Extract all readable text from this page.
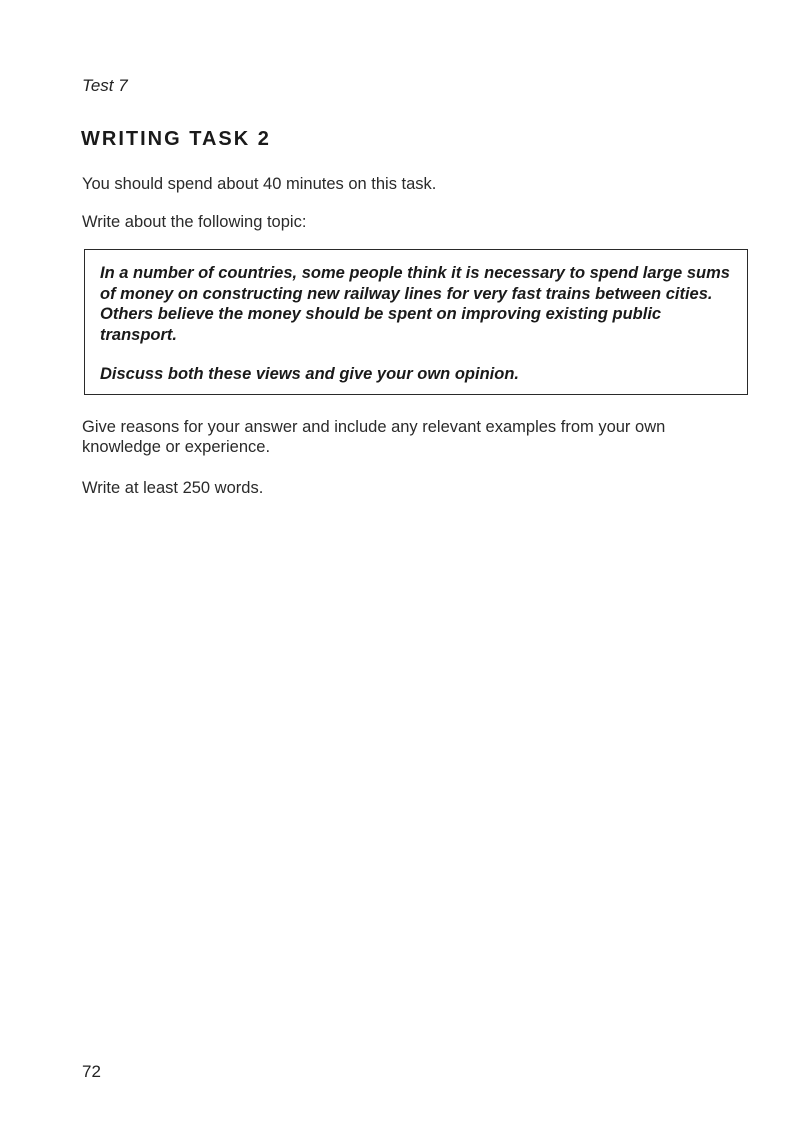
Test 7
WRITING TASK 2
You should spend about 40 minutes on this task.
Write about the following topic:
In a number of countries, some people think it is necessary to spend large sums of money on constructing new railway lines for very fast trains between cities. Others believe the money should be spent on improving existing public transport.
Discuss both these views and give your own opinion.
Give reasons for your answer and include any relevant examples from your own knowledge or experience.
Write at least 250 words.
72
